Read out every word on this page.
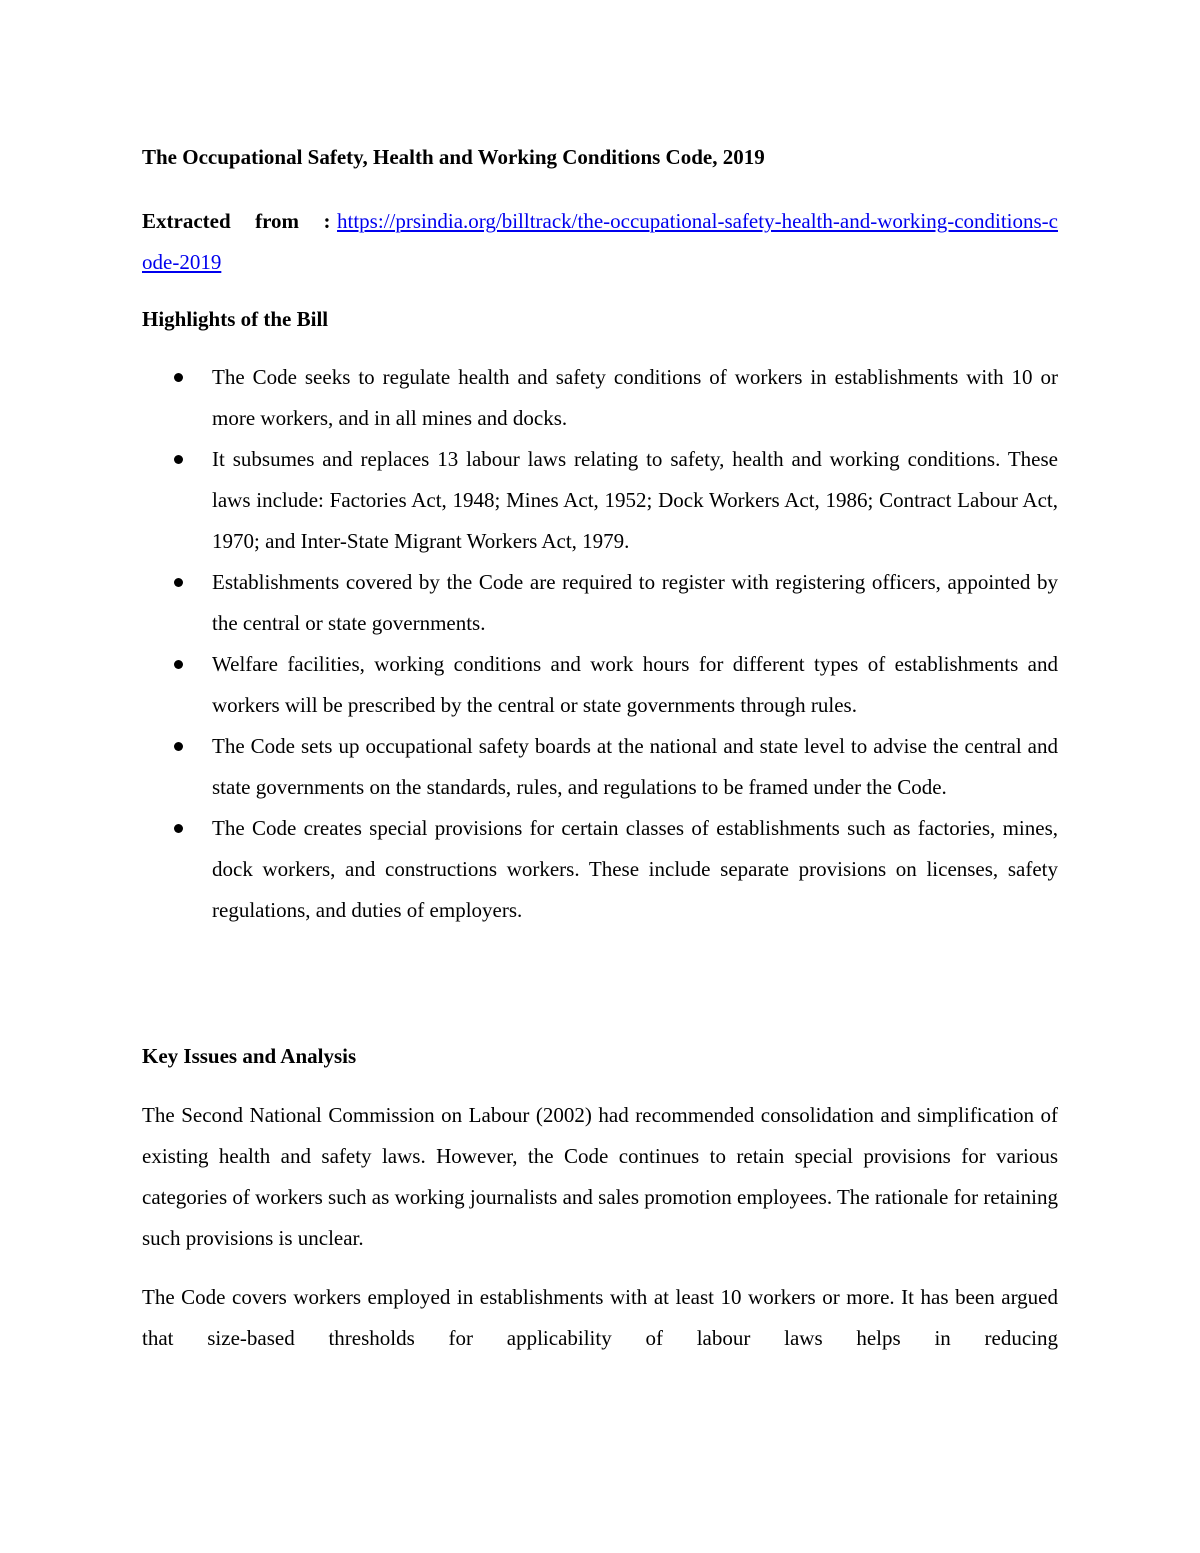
The Occupational Safety, Health and Working Conditions Code, 2019

Extracted from : https://prsindia.org/billtrack/the-occupational-safety-health-and-working-conditions-code-2019

Highlights of the Bill

The Code seeks to regulate health and safety conditions of workers in establishments with 10 or more workers, and in all mines and docks.
It subsumes and replaces 13 labour laws relating to safety, health and working conditions. These laws include: Factories Act, 1948; Mines Act, 1952; Dock Workers Act, 1986; Contract Labour Act, 1970; and Inter-State Migrant Workers Act, 1979.
Establishments covered by the Code are required to register with registering officers, appointed by the central or state governments.
Welfare facilities, working conditions and work hours for different types of establishments and workers will be prescribed by the central or state governments through rules.
The Code sets up occupational safety boards at the national and state level to advise the central and state governments on the standards, rules, and regulations to be framed under the Code.
The Code creates special provisions for certain classes of establishments such as factories, mines, dock workers, and constructions workers. These include separate provisions on licenses, safety regulations, and duties of employers.

Key Issues and Analysis

The Second National Commission on Labour (2002) had recommended consolidation and simplification of existing health and safety laws. However, the Code continues to retain special provisions for various categories of workers such as working journalists and sales promotion employees. The rationale for retaining such provisions is unclear.

The Code covers workers employed in establishments with at least 10 workers or more. It has been argued that size-based thresholds for applicability of labour laws helps in reducing
